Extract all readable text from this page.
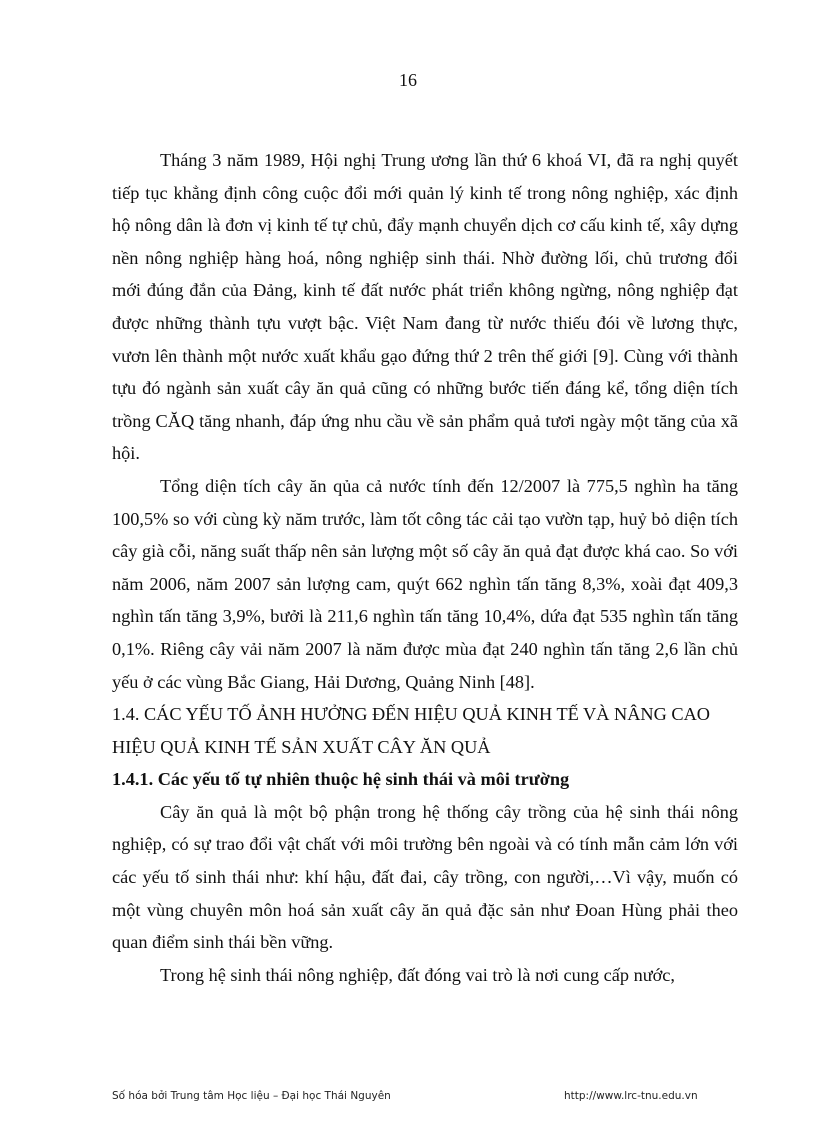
16

Tháng 3 năm 1989, Hội nghị Trung ương lần thứ 6 khoá VI, đã ra nghị quyết tiếp tục khẳng định công cuộc đổi mới quản lý kinh tế trong nông nghiệp, xác định hộ nông dân là đơn vị kinh tế tự chủ, đẩy mạnh chuyển dịch cơ cấu kinh tế, xây dựng nền nông nghiệp hàng hoá, nông nghiệp sinh thái. Nhờ đường lối, chủ trương đổi mới đúng đắn của Đảng, kinh tế đất nước phát triển không ngừng, nông nghiệp đạt được những thành tựu vượt bậc. Việt Nam đang từ nước thiếu đói về lương thực, vươn lên thành một nước xuất khẩu gạo đứng thứ 2 trên thế giới [9]. Cùng với thành tựu đó ngành sản xuất cây ăn quả cũng có những bước tiến đáng kể, tổng diện tích trồng CĂQ tăng nhanh, đáp ứng nhu cầu về sản phẩm quả tươi ngày một tăng của xã hội.

Tổng diện tích cây ăn qủa cả nước tính đến 12/2007 là 775,5 nghìn ha tăng 100,5% so với cùng kỳ năm trước, làm tốt công tác cải tạo vườn tạp, huỷ bỏ diện tích cây già cỗi, năng suất thấp nên sản lượng một số cây ăn quả đạt được khá cao. So với năm 2006, năm 2007 sản lượng cam, quýt 662 nghìn tấn tăng 8,3%, xoài đạt 409,3 nghìn tấn tăng 3,9%, bưởi là 211,6 nghìn tấn tăng 10,4%, dứa đạt 535 nghìn tấn tăng 0,1%. Riêng cây vải năm 2007 là năm được mùa đạt 240 nghìn tấn tăng 2,6 lần chủ yếu ở các vùng Bắc Giang, Hải Dương, Quảng Ninh [48].

1.4. CÁC YẾU TỐ ẢNH HƯỞNG ĐẾN HIỆU QUẢ KINH TẾ VÀ NÂNG CAO HIỆU QUẢ KINH TẾ SẢN XUẤT CÂY ĂN QUẢ

1.4.1. Các yếu tố tự nhiên thuộc hệ sinh thái và môi trường

Cây ăn quả là một bộ phận trong hệ thống cây trồng của hệ sinh thái nông nghiệp, có sự trao đổi vật chất với môi trường bên ngoài và có tính mẫn cảm lớn với các yếu tố sinh thái như: khí hậu, đất đai, cây trồng, con người,…Vì vậy, muốn có một vùng chuyên môn hoá sản xuất cây ăn quả đặc sản như Đoan Hùng phải theo quan điểm sinh thái bền vững.

Trong hệ sinh thái nông nghiệp, đất đóng vai trò là nơi cung cấp nước,

Số hóa bởi Trung tâm Học liệu – Đại học Thái Nguyên	http://www.lrc-tnu.edu.vn
